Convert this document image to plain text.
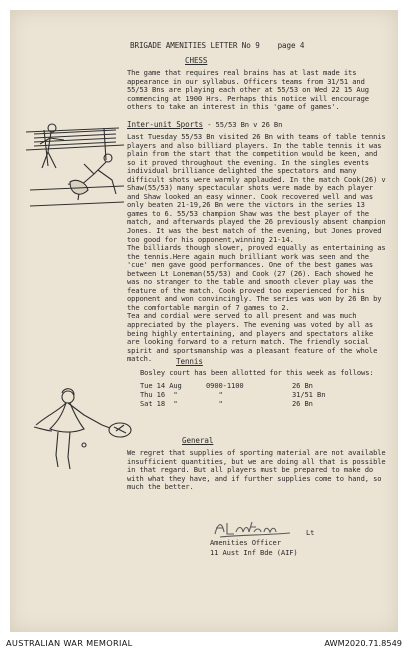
BRIGADE AMENITIES LETTER No 9    page 4
CHESS
The game that requires real brains has at last made its appearance in our syllabus. Officers teams from 31/51 and 55/53 Bns are playing each other at 55/53 on Wed 22 15 Aug commencing at 1900 Hrs. Perhaps this notice will encourage others to take an interest in this 'game of games'.
Inter-unit Sports - 55/53 Bn v 26 Bn
Last Tuesday 55/53 Bn visited 26 Bn with teams of table tennis players and also billiard players. In the table tennis it was plain from the start that the competition would be keen, and so it proved throughout the evening. In the singles events individual brilliance delighted the spectators and many difficult shots were warmly applauded. In the match Cook(26) v Shaw(55/53) many spectacular shots were made by each player and Shaw looked an easy winner. Cook recovered well and was only beaten 21-19,26 Bn were the victors in the series 13 games to 6. 55/53 champion Shaw was the best player of the match, and afterwards played the 26 previously absent champion Jones. It was the best match of the evening, but Jones proved too good for his opponent,winning 21-14.
The billiards though slower, proved equally as entertaining as the tennis.Here again much brilliant work was seen and the 'cue' men gave good performances. One of the best games was between Lt Loneman(55/53) and Cook (27 (26). Each showed he was no stranger to the table and smooth clever play was the feature of the match. Cook proved too experienced for his opponent and won convincingly. The series was won by 26 Bn by the comfortable margin of 7 games to 2.
Tea and cordial were served to all present and was much appreciated by the players. The evening was voted by all as being highly entertaining, and players and spectators alike are looking forward to a return match. The friendly social spirit and sportsmanship was a pleasant feature of the whole match.	Tennis
Bosley court has been allotted for this week as follows:
Tue 14 Aug	0900-1100	26 Bn
Thu 16  "	"	31/51 Bn
Sat 18  "	"	26 Bn
General
We regret that supplies of sporting material are not available insufficient quantities, but we are doing all that is possible in that regard. But all players must be prepared to make do with what they have, and if further supplies come to hand, so much the better.
Lt
Amenities Officer
11 Aust Inf Bde (AIF)
AUSTRALIAN WAR MEMORIAL	AWM2020.71.8549
